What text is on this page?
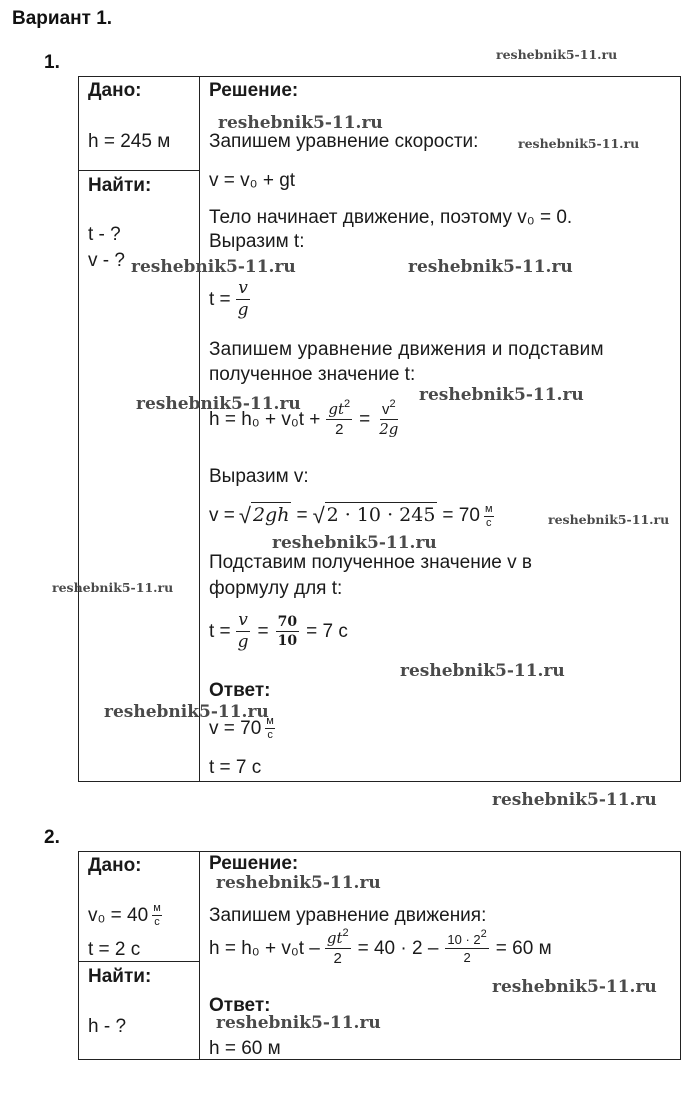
Вариант 1.
1.
Дано:
h = 245 м
Найти:
t - ?
v - ?
Решение:
Запишем уравнение скорости:
v = v₀ + gt
Тело начинает движение, поэтому v₀ = 0.
Выразим t:
$t = \frac{v}{g}$
Запишем уравнение движения и подставим
полученное значение t:
$h = h_0 + v_0t + \frac{gt^2}{2} = \frac{v^2}{2g}$
Выразим v:
v = √ 2gh = √ $2 \cdot 10 \cdot 245 = 70 \frac{м}{с}$
Подставим полученное значение v в
формулу для t:
$t = \frac{v}{g} = \frac{70}{10} = 7$ с
Ответ:
$v = 70 \frac{м}{с}$
t = 7 с
2.
Дано:
$v_0 = 40 \frac{м}{с}$
t = 2 с
Найти:
h - ?
Решение:
Запишем уравнение движения:
$h = h_0 + v_0t - \frac{gt^2}{2} = 40 \cdot 2 - \frac{10 \cdot 2^2}{2} = 60$ м
Ответ:
h = 60 м
reshebnik5-11.ru
reshebnik5-11.ru
reshebnik5-11.ru
reshebnik5-11.ru	reshebnik5-11.ru
reshebnik5-11.ru	reshebnik5-11.ru
reshebnik5-11.ru
reshebnik5-11.ru
reshebnik5-11.ru
reshebnik5-11.ru
reshebnik5-11.ru
reshebnik5-11.ru
reshebnik5-11.ru
reshebnik5-11.ru
reshebnik5-11.ru
